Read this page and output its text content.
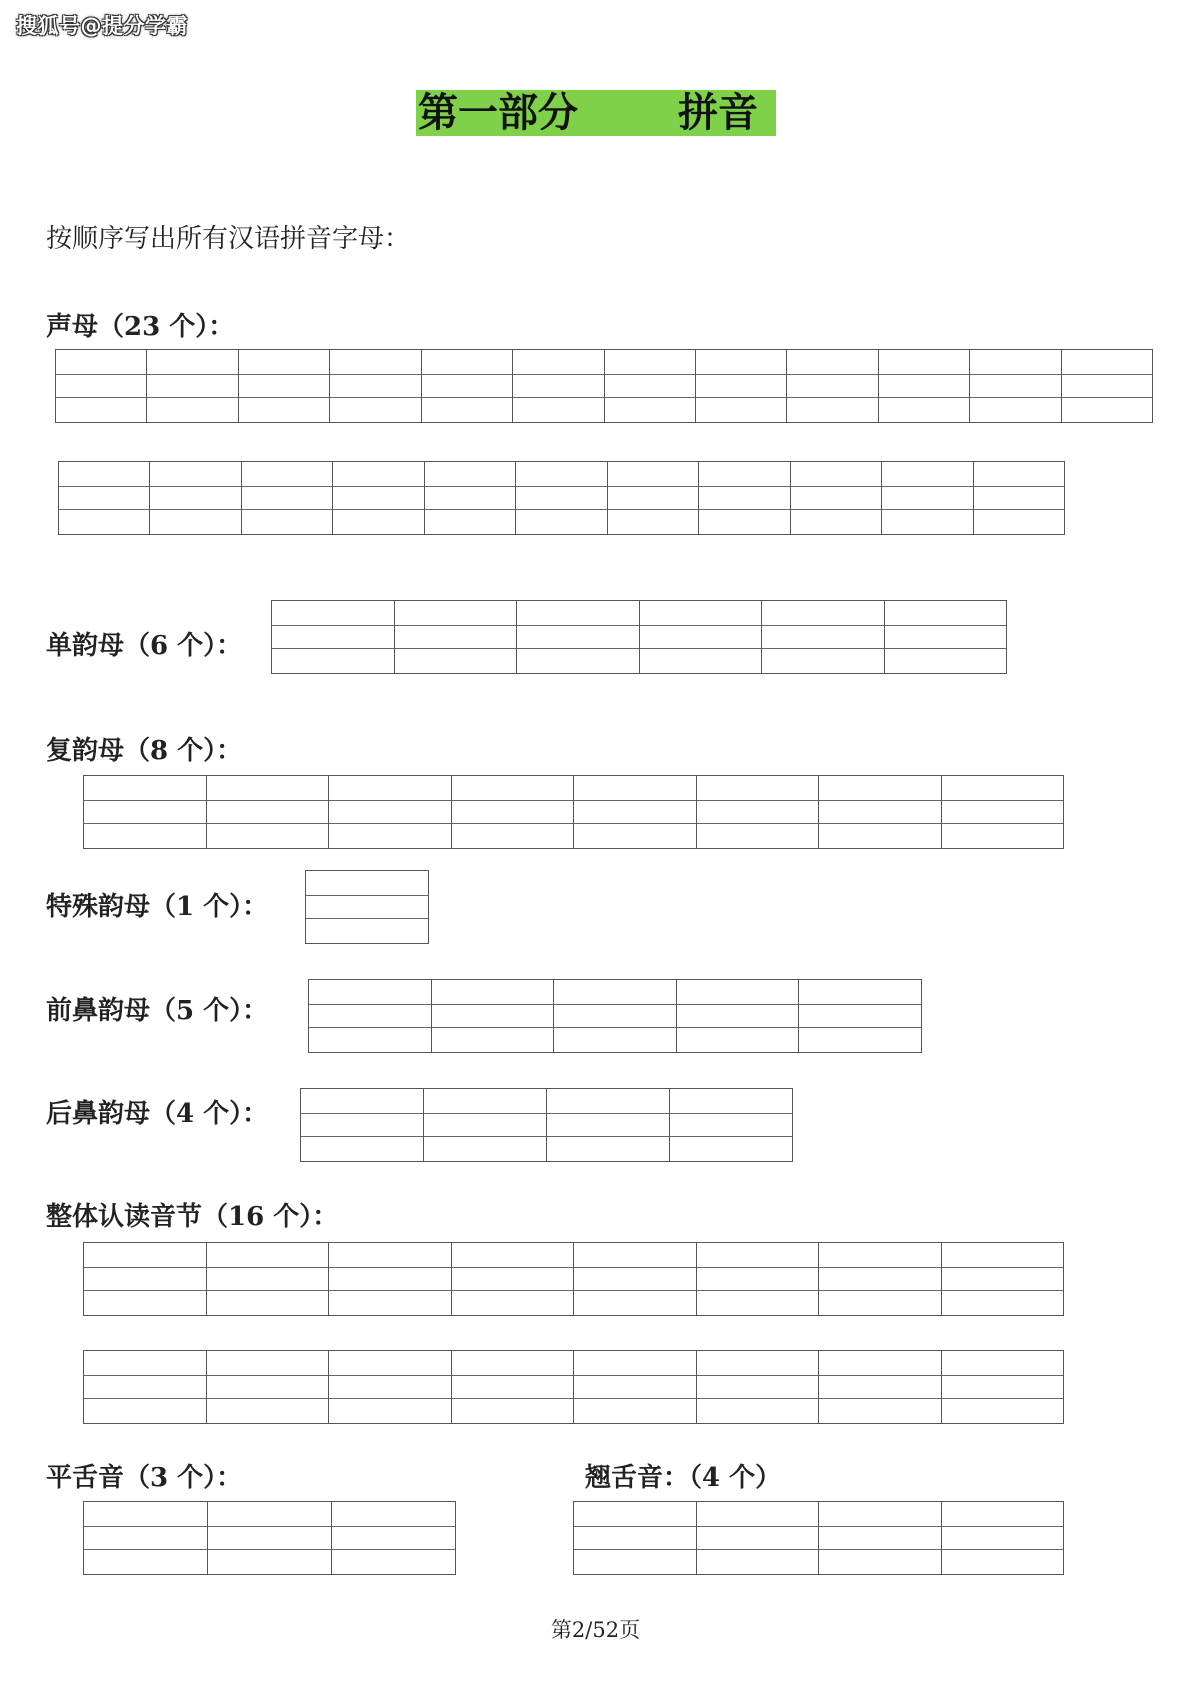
搜狐号@提分学霸
第一部分	拼音
按顺序写出所有汉语拼音字母：
声母（23 个）：
单韵母（6 个）：
复韵母（8 个）：
特殊韵母（1 个）：
前鼻韵母（5 个）：
后鼻韵母（4 个）：
整体认读音节（16 个）：
平舌音（3 个）：	翘舌音：（4 个）
第2/52页
